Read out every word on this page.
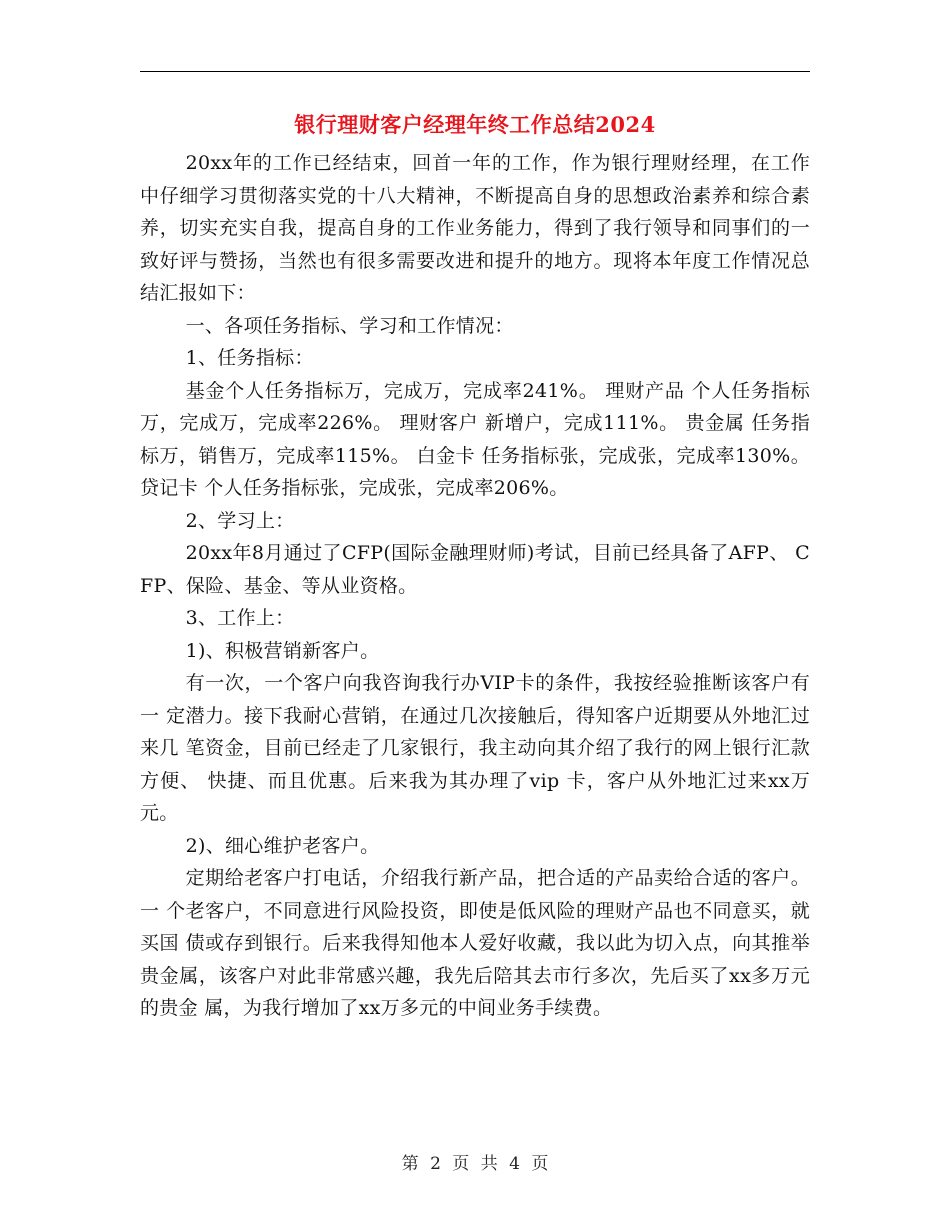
银行理财客户经理年终工作总结2024

20xx年的工作已经结束，回首一年的工作，作为银行理财经理，在工作中仔细学习贯彻落实党的十八大精神，不断提高自身的思想政治素养和综合素养，切实充实自我，提高自身的工作业务能力，得到了我行领导和同事们的一致好评与赞扬，当然也有很多需要改进和提升的地方。现将本年度工作情况总结汇报如下：

一、各项任务指标、学习和工作情况：

1、任务指标：

基金个人任务指标万，完成万，完成率241%。 理财产品 个人任务指标万，完成万，完成率226%。 理财客户 新增户，完成111%。 贵金属 任务指标万，销售万，完成率115%。 白金卡 任务指标张，完成张，完成率130%。贷记卡 个人任务指标张，完成张，完成率206%。

2、学习上：

20xx年8月通过了CFP(国际金融理财师)考试，目前已经具备了AFP、 CFP、保险、基金、等从业资格。

3、工作上：

1)、积极营销新客户。

有一次，一个客户向我咨询我行办VIP卡的条件，我按经验推断该客户有一 定潜力。接下我耐心营销，在通过几次接触后，得知客户近期要从外地汇过来几 笔资金，目前已经走了几家银行，我主动向其介绍了我行的网上银行汇款方便、 快捷、而且优惠。后来我为其办理了vip 卡，客户从外地汇过来xx万元。

2)、细心维护老客户。

定期给老客户打电话，介绍我行新产品，把合适的产品卖给合适的客户。一 个老客户，不同意进行风险投资，即使是低风险的理财产品也不同意买，就买国 债或存到银行。后来我得知他本人爱好收藏，我以此为切入点，向其推举贵金属，该客户对此非常感兴趣，我先后陪其去市行多次，先后买了xx多万元的贵金 属，为我行增加了xx万多元的中间业务手续费。

第 2 页 共 4 页
